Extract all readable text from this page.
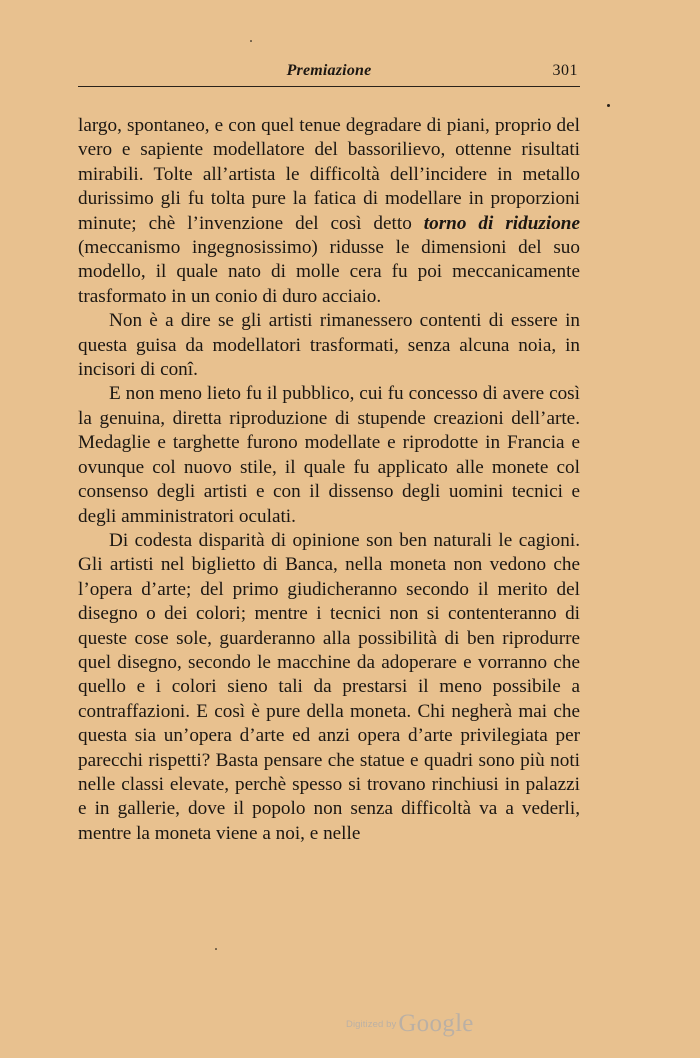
Premiazione	301

largo, spontaneo, e con quel tenue degradare di piani, proprio del vero e sapiente modellatore del bassorilievo, ottenne risultati mirabili. Tolte all’artista le difficoltà dell’incidere in metallo durissimo gli fu tolta pure la fatica di modellare in proporzioni minute; chè l’invenzione del così detto torno di riduzione (meccanismo ingegnosissimo) ridusse le dimensioni del suo modello, il quale nato di molle cera fu poi meccanicamente trasformato in un conio di duro acciaio.

Non è a dire se gli artisti rimanessero contenti di essere in questa guisa da modellatori trasformati, senza alcuna noia, in incisori di conî.

E non meno lieto fu il pubblico, cui fu concesso di avere così la genuina, diretta riproduzione di stupende creazioni dell’arte. Medaglie e targhette furono modellate e riprodotte in Francia e ovunque col nuovo stile, il quale fu applicato alle monete col consenso degli artisti e con il dissenso degli uomini tecnici e degli amministratori oculati.

Di codesta disparità di opinione son ben naturali le cagioni. Gli artisti nel biglietto di Banca, nella moneta non vedono che l’opera d’arte; del primo giudicheranno secondo il merito del disegno o dei colori; mentre i tecnici non si contenteranno di queste cose sole, guarderanno alla possibilità di ben riprodurre quel disegno, secondo le macchine da adoperare e vorranno che quello e i colori sieno tali da prestarsi il meno possibile a contraffazioni. E così è pure della moneta. Chi negherà mai che questa sia un’opera d’arte ed anzi opera d’arte privilegiata per parecchi rispetti? Basta pensare che statue e quadri sono più noti nelle classi elevate, perchè spesso si trovano rinchiusi in palazzi e in gallerie, dove il popolo non senza difficoltà va a vederli, mentre la moneta viene a noi, e nelle

Digitized by Google
